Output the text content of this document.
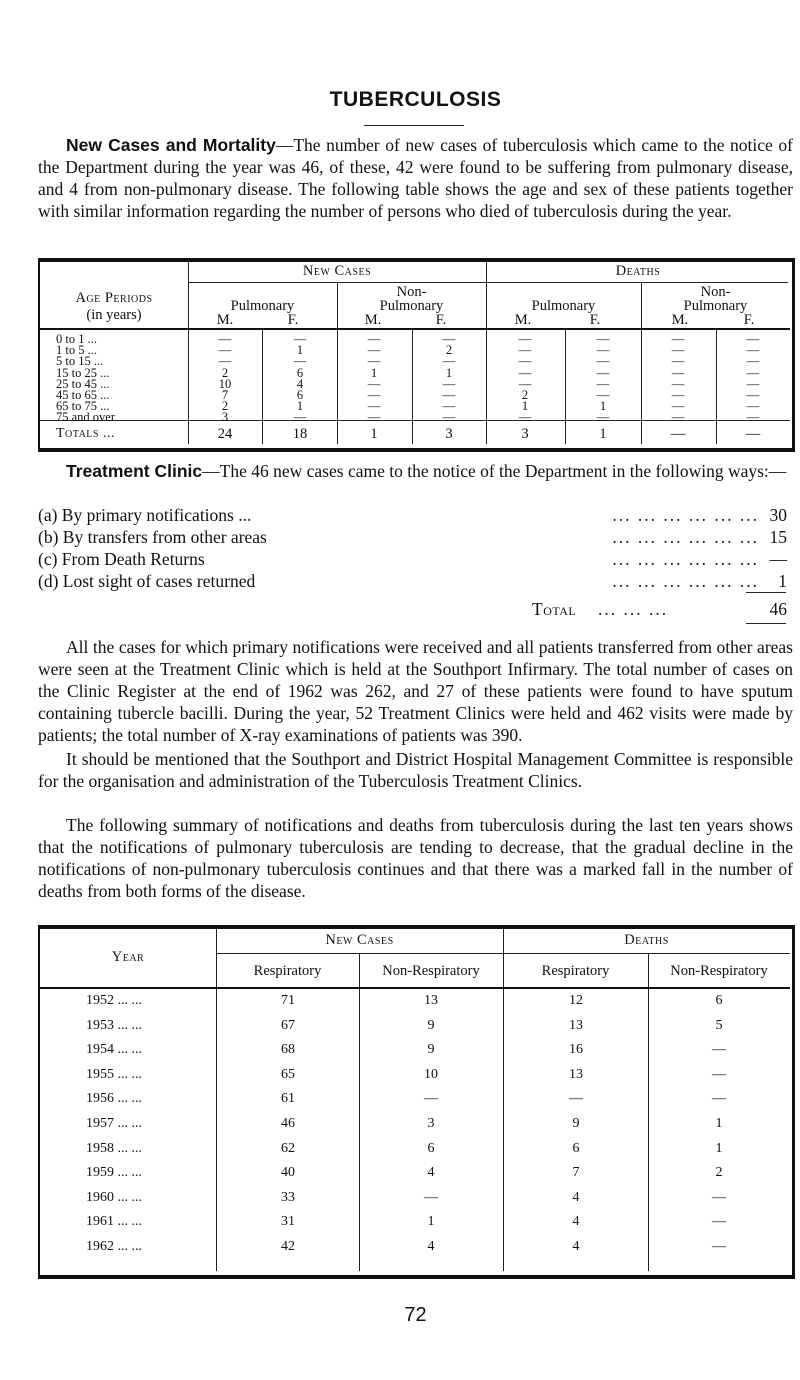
TUBERCULOSIS
New Cases and Mortality—The number of new cases of tuberculosis which came to the notice of the Department during the year was 46, of these, 42 were found to be suffering from pulmonary disease, and 4 from non-pulmonary disease. The following table shows the age and sex of these patients together with similar information regarding the number of persons who died of tuberculosis during the year.
New Cases	Deaths
Age Periods
(in years)
Pulmonary
Non-
Pulmonary	Pulmonary
Non-
Pulmonary
M.	F.	M.	F.	M.	F.	M.	F.
0 to 1 ...	—	—	—	—	—	—	—	—
1 to 5 ...	—	1	—	2	—	—	—	—
5 to 15 ...	—	—	—	—	—	—	—	—
15 to 25 ...	2	6	1	1	—	—	—	—
25 to 45 ...	10	4	—	—	—	—	—	—
45 to 65 ...	7	6	—	—	2	—	—	—
65 to 75 ...	2	1	—	—	1	1	—	—
75 and over	3	—	—	—	—	—	—	—
Totals ...	24	18	1	3	3	1	—	—
Treatment Clinic—The 46 new cases came to the notice of the Department in the following ways:—
Total ... ... ...	46
All the cases for which primary notifications were received and all patients transferred from other areas were seen at the Treatment Clinic which is held at the Southport Infirmary. The total number of cases on the Clinic Register at the end of 1962 was 262, and 27 of these patients were found to have sputum containing tubercle bacilli. During the year, 52 Treatment Clinics were held and 462 visits were made by patients; the total number of X-ray examinations of patients was 390.
It should be mentioned that the Southport and District Hospital Management Committee is responsible for the organisation and administration of the Tuberculosis Treatment Clinics.
The following summary of notifications and deaths from tuberculosis during the last ten years shows that the notifications of pulmonary tuberculosis are tending to decrease, that the gradual decline in the notifications of non-pulmonary tuberculosis continues and that there was a marked fall in the number of deaths from both forms of the disease.
New Cases	Deaths
Year
Respiratory	Non-Respiratory	Respiratory	Non-Respiratory
1952 ... ...	71	13	12	6
1953 ... ...	67	9	13	5
1954 ... ...	68	9	16	—
1955 ... ...	65	10	13	—
1956 ... ...	61	—	—	—
1957 ... ...	46	3	9	1
1958 ... ...	62	6	6	1
1959 ... ...	40	4	7	2
1960 ... ...	33	—	4	—
1961 ... ...	31	1	4	—
1962 ... ...	42	4	4	—
72
(a) By primary notifications ...	... ... ... ... ... ... 30
(b) By transfers from other areas	... ... ... ... ... ... 15
(c) From Death Returns	... ... ... ... ... ... —
(d) Lost sight of cases returned	... ... ... ... ... ... 1
